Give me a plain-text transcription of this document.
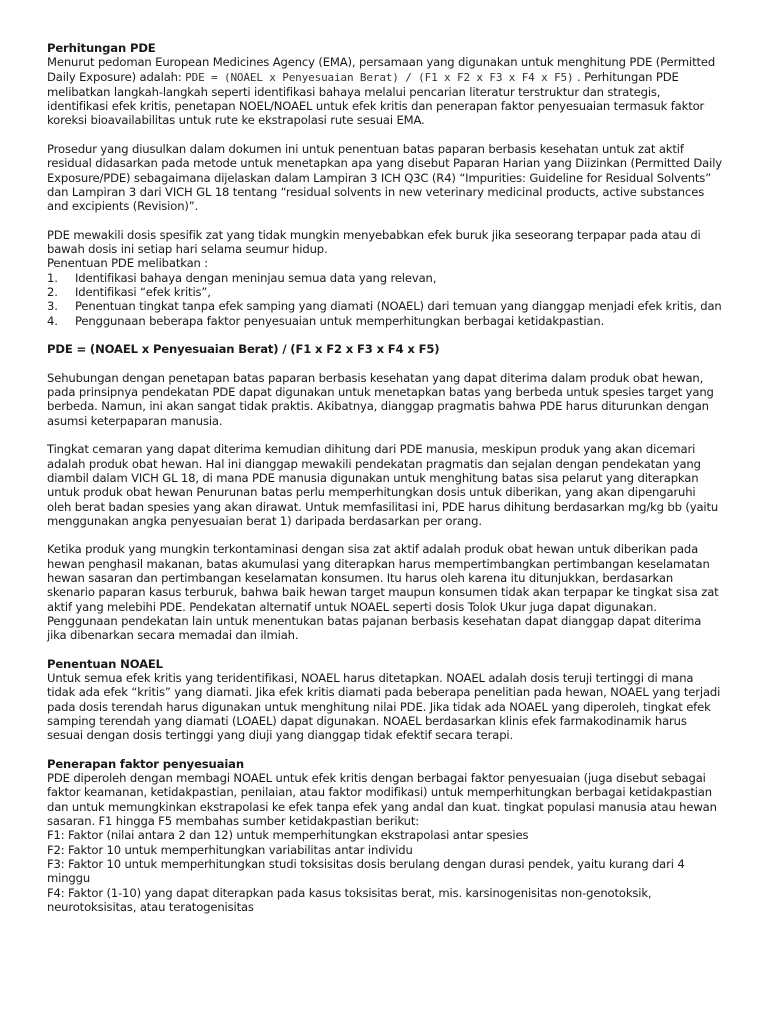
Perhitungan PDE
Menurut pedoman European Medicines Agency (EMA), persamaan yang digunakan untuk menghitung PDE (Permitted Daily Exposure) adalah: PDE = (NOAEL x Penyesuaian Berat) / (F1 x F2 x F3 x F4 x F5) . Perhitungan PDE melibatkan langkah-langkah seperti identifikasi bahaya melalui pencarian literatur terstruktur dan strategis, identifikasi efek kritis, penetapan NOEL/NOAEL untuk efek kritis dan penerapan faktor penyesuaian termasuk faktor koreksi bioavailabilitas untuk rute ke ekstrapolasi rute sesuai EMA.

Prosedur yang diusulkan dalam dokumen ini untuk penentuan batas paparan berbasis kesehatan untuk zat aktif residual didasarkan pada metode untuk menetapkan apa yang disebut Paparan Harian yang Diizinkan (Permitted Daily Exposure/PDE) sebagaimana dijelaskan dalam Lampiran 3 ICH Q3C (R4) “Impurities: Guideline for Residual Solvents” dan Lampiran 3 dari VICH GL 18 tentang “residual solvents in new veterinary medicinal products, active substances and excipients (Revision)”.

PDE mewakili dosis spesifik zat yang tidak mungkin menyebabkan efek buruk jika seseorang terpapar pada atau di bawah dosis ini setiap hari selama seumur hidup.

Penentuan PDE melibatkan :

1.	Identifikasi bahaya dengan meninjau semua data yang relevan,
2.	Identifikasi “efek kritis”,
3.	Penentuan tingkat tanpa efek samping yang diamati (NOAEL) dari temuan yang dianggap menjadi efek kritis, dan
4.	Penggunaan beberapa faktor penyesuaian untuk memperhitungkan berbagai ketidakpastian.

PDE = (NOAEL x Penyesuaian Berat) / (F1 x F2 x F3 x F4 x F5)

Sehubungan dengan penetapan batas paparan berbasis kesehatan yang dapat diterima dalam produk obat hewan, pada prinsipnya pendekatan PDE dapat digunakan untuk menetapkan batas yang berbeda untuk spesies target yang berbeda. Namun, ini akan sangat tidak praktis. Akibatnya, dianggap pragmatis bahwa PDE harus diturunkan dengan asumsi keterpaparan manusia.

Tingkat cemaran yang dapat diterima kemudian dihitung dari PDE manusia, meskipun produk yang akan dicemari adalah produk obat hewan. Hal ini dianggap mewakili pendekatan pragmatis dan sejalan dengan pendekatan yang diambil dalam VICH GL 18, di mana PDE manusia digunakan untuk menghitung batas sisa pelarut yang diterapkan untuk produk obat hewan Penurunan batas perlu memperhitungkan dosis untuk diberikan, yang akan dipengaruhi oleh berat badan spesies yang akan dirawat. Untuk memfasilitasi ini, PDE harus dihitung berdasarkan mg/kg bb (yaitu menggunakan angka penyesuaian berat 1) daripada berdasarkan per orang.

Ketika produk yang mungkin terkontaminasi dengan sisa zat aktif adalah produk obat hewan untuk diberikan pada hewan penghasil makanan, batas akumulasi yang diterapkan harus mempertimbangkan pertimbangan keselamatan hewan sasaran dan pertimbangan keselamatan konsumen. Itu harus oleh karena itu ditunjukkan, berdasarkan skenario paparan kasus terburuk, bahwa baik hewan target maupun konsumen tidak akan terpapar ke tingkat sisa zat aktif yang melebihi PDE. Pendekatan alternatif untuk NOAEL seperti dosis Tolok Ukur juga dapat digunakan. Penggunaan pendekatan lain untuk menentukan batas pajanan berbasis kesehatan dapat dianggap dapat diterima jika dibenarkan secara memadai dan ilmiah.

Penentuan NOAEL
Untuk semua efek kritis yang teridentifikasi, NOAEL harus ditetapkan. NOAEL adalah dosis teruji tertinggi di mana tidak ada efek “kritis” yang diamati. Jika efek kritis diamati pada beberapa penelitian pada hewan, NOAEL yang terjadi pada dosis terendah harus digunakan untuk menghitung nilai PDE. Jika tidak ada NOAEL yang diperoleh, tingkat efek samping terendah yang diamati (LOAEL) dapat digunakan. NOAEL berdasarkan klinis efek farmakodinamik harus sesuai dengan dosis tertinggi yang diuji yang dianggap tidak efektif secara terapi.

Penerapan faktor penyesuaian
PDE diperoleh dengan membagi NOAEL untuk efek kritis dengan berbagai faktor penyesuaian (juga disebut sebagai faktor keamanan, ketidakpastian, penilaian, atau faktor modifikasi) untuk memperhitungkan berbagai ketidakpastian dan untuk memungkinkan ekstrapolasi ke efek tanpa efek yang andal dan kuat. tingkat populasi manusia atau hewan sasaran. F1 hingga F5 membahas sumber ketidakpastian berikut:
F1: Faktor (nilai antara 2 dan 12) untuk memperhitungkan ekstrapolasi antar spesies
F2: Faktor 10 untuk memperhitungkan variabilitas antar individu
F3: Faktor 10 untuk memperhitungkan studi toksisitas dosis berulang dengan durasi pendek, yaitu kurang dari 4 minggu
F4: Faktor (1-10) yang dapat diterapkan pada kasus toksisitas berat, mis. karsinogenisitas non-genotoksik, neurotoksisitas, atau teratogenisitas
